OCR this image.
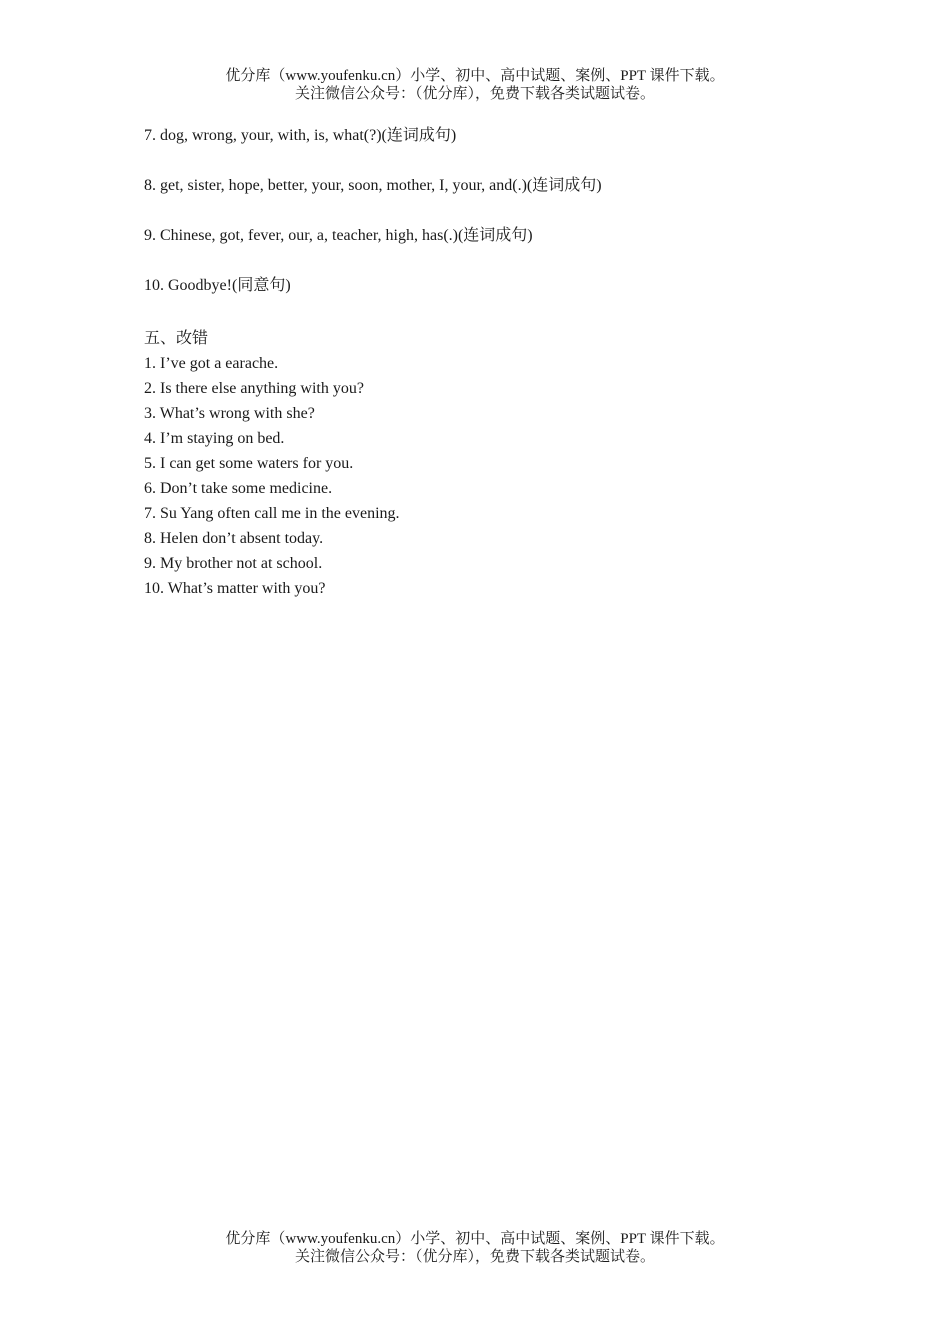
优分库（www.youfenku.cn）小学、初中、高中试题、案例、PPT 课件下载。
关注微信公众号：（优分库），免费下载各类试题试卷。
7. dog, wrong, your, with, is, what(?)(连词成句)
8. get, sister, hope, better, your, soon, mother, I, your, and(.)(连词成句)
9. Chinese, got, fever, our, a, teacher, high, has(.)(连词成句)
10. Goodbye!(同意句)
五、改错
1. I’ve got a earache.
2. Is there else anything with you?
3. What’s wrong with she?
4. I’m staying on bed.
5. I can get some waters for you.
6. Don’t take some medicine.
7. Su Yang often call me in the evening.
8. Helen don’t absent today.
9. My brother not at school.
10. What’s matter with you?
优分库（www.youfenku.cn）小学、初中、高中试题、案例、PPT 课件下载。
关注微信公众号：（优分库），免费下载各类试题试卷。
